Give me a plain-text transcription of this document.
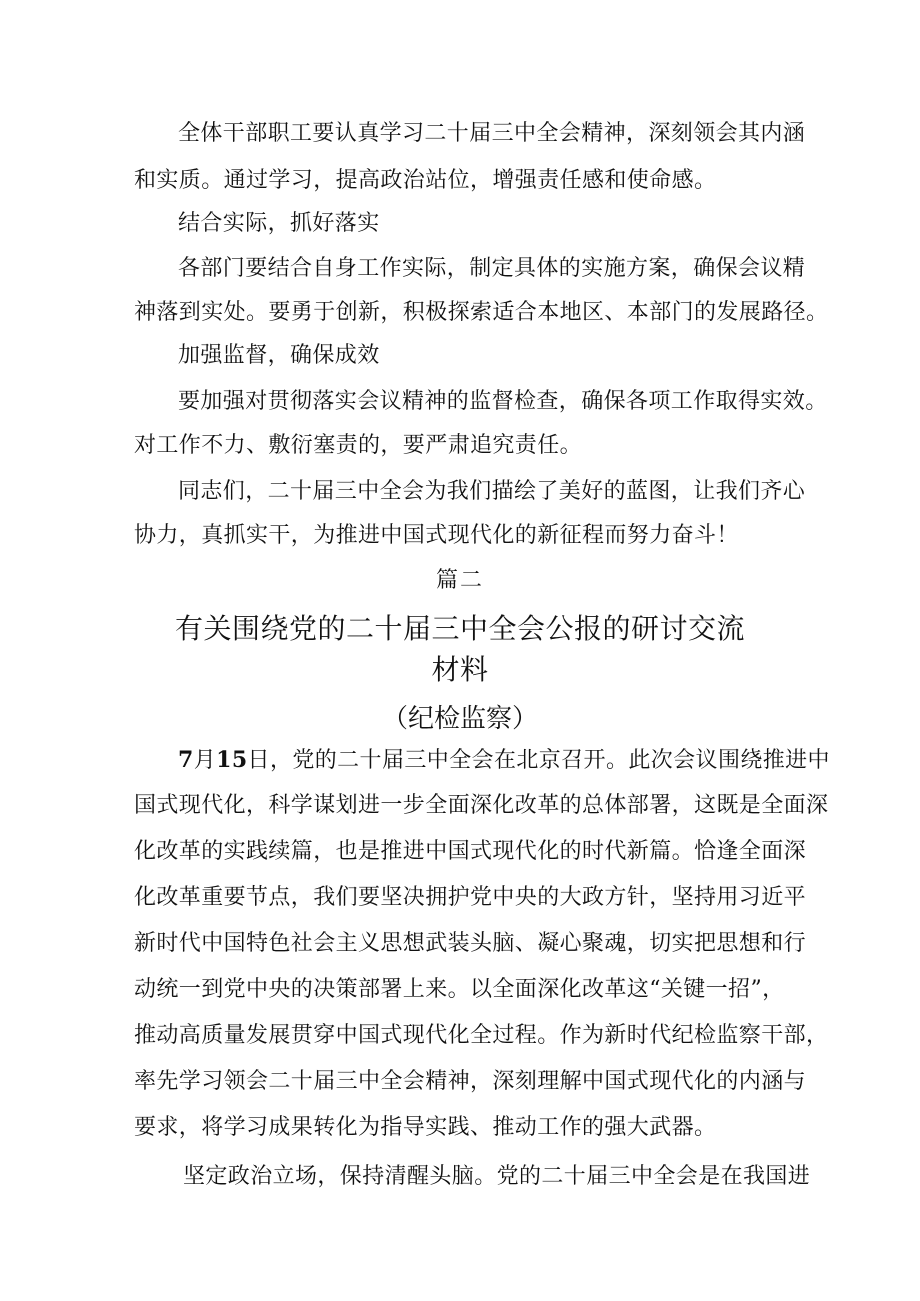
全体干部职工要认真学习二十届三中全会精神，深刻领会其内涵
和实质。通过学习，提高政治站位，增强责任感和使命感。
结合实际，抓好落实
各部门要结合自身工作实际，制定具体的实施方案，确保会议精
神落到实处。要勇于创新，积极探索适合本地区、本部门的发展路径。
加强监督，确保成效
要加强对贯彻落实会议精神的监督检查，确保各项工作取得实效。
对工作不力、敷衍塞责的，要严肃追究责任。
同志们，二十届三中全会为我们描绘了美好的蓝图，让我们齐心
协力，真抓实干，为推进中国式现代化的新征程而努力奋斗！
篇二
有关围绕党的二十届三中全会公报的研讨交流
材料
（纪检监察）
7月15日，党的二十届三中全会在北京召开。此次会议围绕推进中
国式现代化，科学谋划进一步全面深化改革的总体部署，这既是全面深
化改革的实践续篇，也是推进中国式现代化的时代新篇。恰逢全面深
化改革重要节点，我们要坚决拥护党中央的大政方针，坚持用习近平
新时代中国特色社会主义思想武装头脑、凝心聚魂，切实把思想和行
动统一到党中央的决策部署上来。以全面深化改革这“关键一招”，
推动高质量发展贯穿中国式现代化全过程。作为新时代纪检监察干部，
率先学习领会二十届三中全会精神，深刻理解中国式现代化的内涵与
要求，将学习成果转化为指导实践、推动工作的强大武器。
坚定政治立场，保持清醒头脑。党的二十届三中全会是在我国进
